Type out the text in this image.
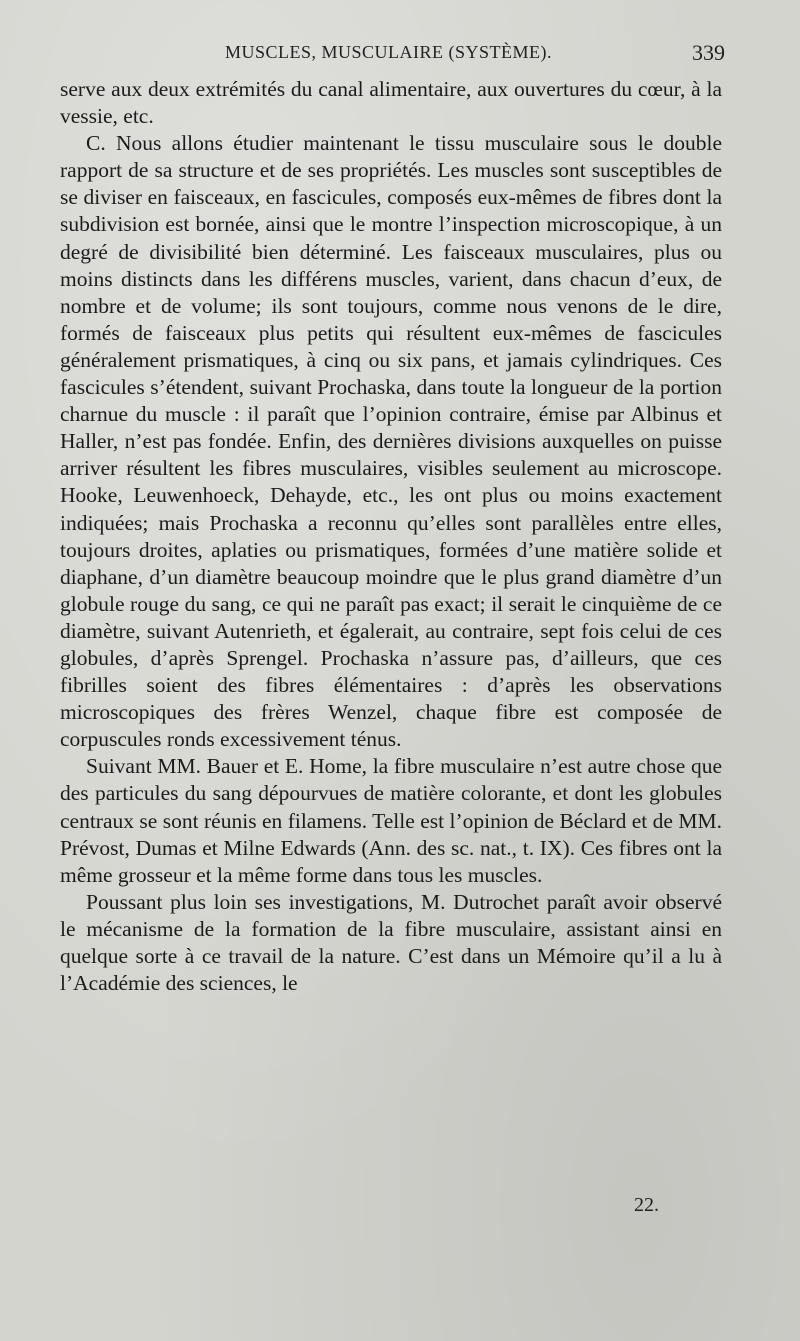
MUSCLES, MUSCULAIRE (SYSTÈME).	339

serve aux deux extrémités du canal alimentaire, aux ouvertures du cœur, à la vessie, etc.

C. Nous allons étudier maintenant le tissu musculaire sous le double rapport de sa structure et de ses propriétés. Les muscles sont susceptibles de se diviser en faisceaux, en fascicules, composés eux-mêmes de fibres dont la subdivision est bornée, ainsi que le montre l’inspection microscopique, à un degré de divisibilité bien déterminé. Les faisceaux musculaires, plus ou moins distincts dans les différens muscles, varient, dans chacun d’eux, de nombre et de volume; ils sont toujours, comme nous venons de le dire, formés de faisceaux plus petits qui résultent eux-mêmes de fascicules généralement prismatiques, à cinq ou six pans, et jamais cylindriques. Ces fascicules s’étendent, suivant Prochaska, dans toute la longueur de la portion charnue du muscle : il paraît que l’opinion contraire, émise par Albinus et Haller, n’est pas fondée. Enfin, des dernières divisions auxquelles on puisse arriver résultent les fibres musculaires, visibles seulement au microscope. Hooke, Leuwenhoeck, Dehayde, etc., les ont plus ou moins exactement indiquées; mais Prochaska a reconnu qu’elles sont parallèles entre elles, toujours droites, aplaties ou prismatiques, formées d’une matière solide et diaphane, d’un diamètre beaucoup moindre que le plus grand diamètre d’un globule rouge du sang, ce qui ne paraît pas exact; il serait le cinquième de ce diamètre, suivant Autenrieth, et égalerait, au contraire, sept fois celui de ces globules, d’après Sprengel. Prochaska n’assure pas, d’ailleurs, que ces fibrilles soient des fibres élémentaires : d’après les observations microscopiques des frères Wenzel, chaque fibre est composée de corpuscules ronds excessivement ténus.

Suivant MM. Bauer et E. Home, la fibre musculaire n’est autre chose que des particules du sang dépourvues de matière colorante, et dont les globules centraux se sont réunis en filamens. Telle est l’opinion de Béclard et de MM. Prévost, Dumas et Milne Edwards (Ann. des sc. nat., t. IX). Ces fibres ont la même grosseur et la même forme dans tous les muscles.

Poussant plus loin ses investigations, M. Dutrochet paraît avoir observé le mécanisme de la formation de la fibre musculaire, assistant ainsi en quelque sorte à ce travail de la nature. C’est dans un Mémoire qu’il a lu à l’Académie des sciences, le

22.
